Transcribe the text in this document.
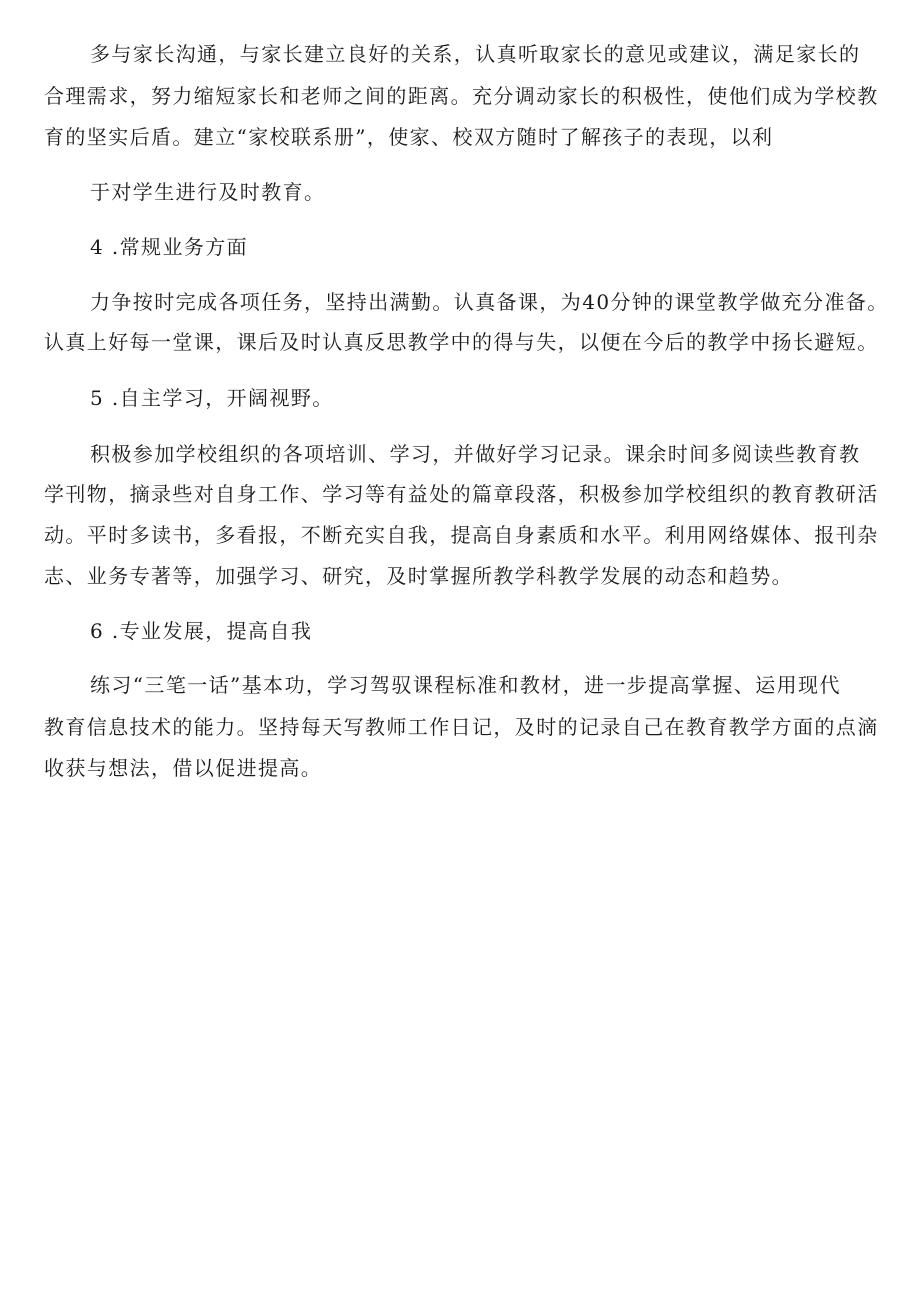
多与家长沟通，与家长建立良好的关系，认真听取家长的意见或建议，满足家长的
合理需求，努力缩短家长和老师之间的距离。充分调动家长的积极性，使他们成为学校教
育的坚实后盾。建立“家校联系册”，使家、校双方随时了解孩子的表现，以利
于对学生进行及时教育。
4 .常规业务方面
力争按时完成各项任务，坚持出满勤。认真备课，为40分钟的课堂教学做充分准备。
认真上好每一堂课，课后及时认真反思教学中的得与失，以便在今后的教学中扬长避短。
5 .自主学习，开阔视野。
积极参加学校组织的各项培训、学习，并做好学习记录。课余时间多阅读些教育教
学刊物，摘录些对自身工作、学习等有益处的篇章段落，积极参加学校组织的教育教研活
动。平时多读书，多看报，不断充实自我，提高自身素质和水平。利用网络媒体、报刊杂
志、业务专著等，加强学习、研究，及时掌握所教学科教学发展的动态和趋势。
6 .专业发展，提高自我
练习“三笔一话”基本功，学习驾驭课程标准和教材，进一步提高掌握、运用现代
教育信息技术的能力。坚持每天写教师工作日记，及时的记录自己在教育教学方面的点滴
收获与想法，借以促进提高。
